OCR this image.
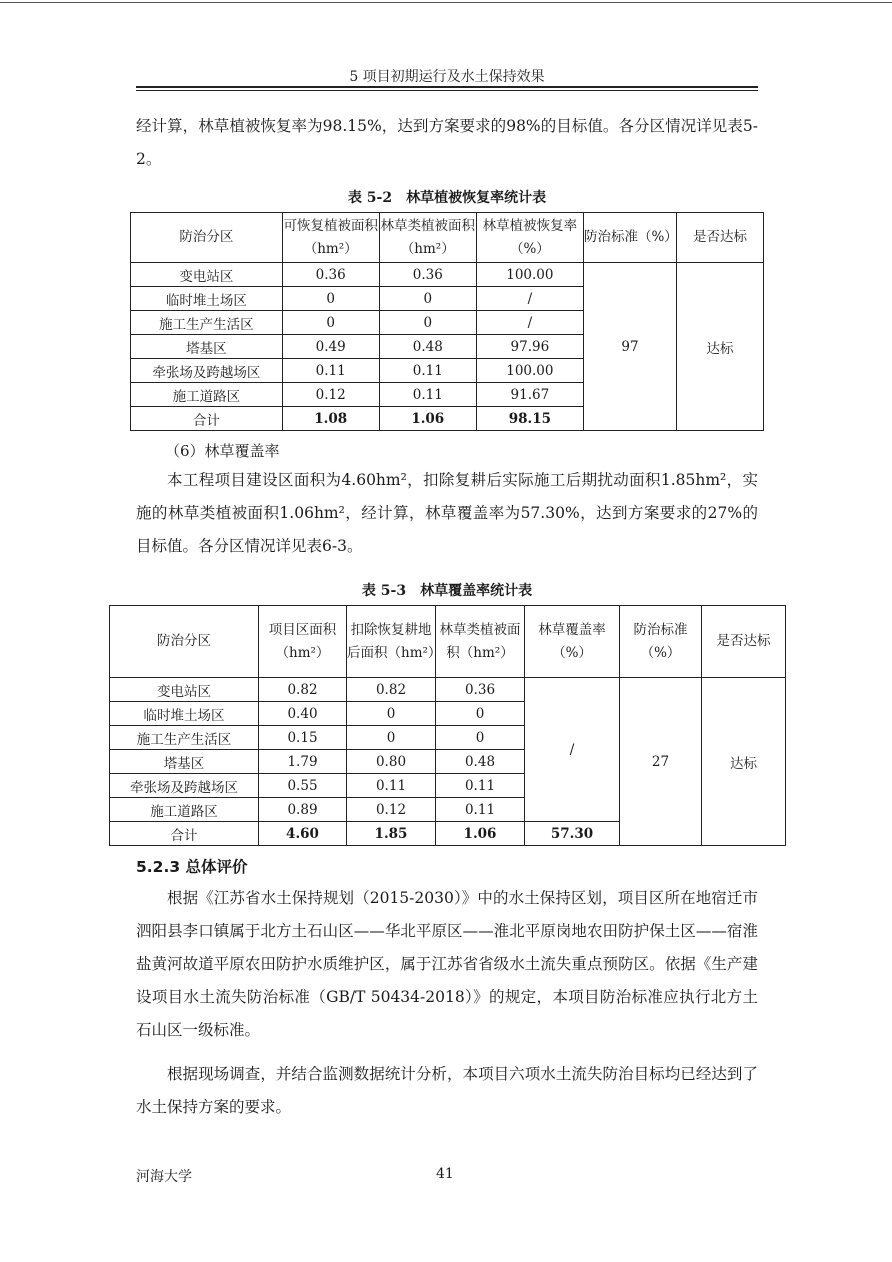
5 项目初期运行及水土保持效果

经计算，林草植被恢复率为98.15%，达到方案要求的98%的目标值。各分区情况详见表5-2。

表 5-2　林草植被恢复率统计表
防治分区	可恢复植被面积（hm²）	林草类植被面积（hm²）	林草植被恢复率（%）	防治标准（%）	是否达标
变电站区	0.36	0.36	100.00	97	达标
临时堆土场区	0	0	/		
施工生产生活区	0	0	/		
塔基区	0.49	0.48	97.96		
牵张场及跨越场区	0.11	0.11	100.00		
施工道路区	0.12	0.11	91.67		
合计	1.08	1.06	98.15		
（6）林草覆盖率

本工程项目建设区面积为4.60hm²，扣除复耕后实际施工后期扰动面积1.85hm²，实施的林草类植被面积1.06hm²，经计算，林草覆盖率为57.30%，达到方案要求的27%的目标值。各分区情况详见表6-3。

表 5-3　林草覆盖率统计表
防治分区	项目区面积（hm²）	扣除恢复耕地后面积（hm²）	林草类植被面积（hm²）	林草覆盖率（%）	防治标准（%）	是否达标
变电站区	0.82	0.82	0.36	/	27	达标
临时堆土场区	0.40	0	0			
施工生产生活区	0.15	0	0			
塔基区	1.79	0.80	0.48			
牵张场及跨越场区	0.55	0.11	0.11			
施工道路区	0.89	0.12	0.11			
合计	4.60	1.85	1.06	57.30		
5.2.3 总体评价

根据《江苏省水土保持规划（2015-2030）》中的水土保持区划，项目区所在地宿迁市泗阳县李口镇属于北方土石山区——华北平原区——淮北平原岗地农田防护保土区——宿淮盐黄河故道平原农田防护水质维护区，属于江苏省省级水土流失重点预防区。依据《生产建设项目水土流失防治标准（GB/T 50434-2018）》的规定，本项目防治标准应执行北方土石山区一级标准。

根据现场调查，并结合监测数据统计分析，本项目六项水土流失防治目标均已经达到了水土保持方案的要求。

河海大学	41
